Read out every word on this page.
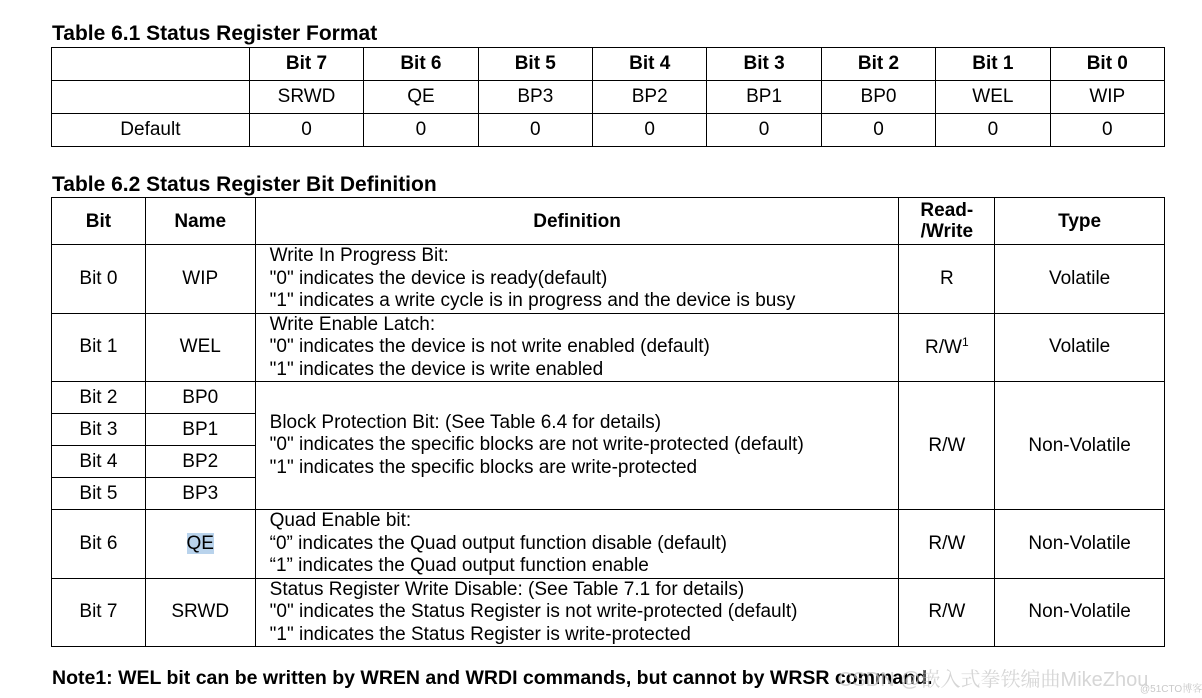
Table 6.1 Status Register Format
	Bit 7	Bit 6	Bit 5	Bit 4	Bit 3	Bit 2	Bit 1	Bit 0
	SRWD	QE	BP3	BP2	BP1	BP0	WEL	WIP
Default	0	0	0	0	0	0	0	0
Table 6.2 Status Register Bit Definition
Bit	Name	Definition	Read-
/Write	Type
Bit 0	WIP	Write In Progress Bit:
"0" indicates the device is ready(default)
"1" indicates a write cycle is in progress and the device is busy	R	Volatile
Bit 1	WEL	Write Enable Latch:
"0" indicates the device is not write enabled (default)
"1" indicates the device is write enabled	$R/W^1$	Volatile
Bit 2	BP0	Block Protection Bit: (See Table 6.4 for details)
"0" indicates the specific blocks are not write-protected (default)
"1" indicates the specific blocks are write-protected	R/W	Non-Volatile
Bit 3	BP1			
Bit 4	BP2			
Bit 5	BP3			
Bit 6	QE	Quad Enable bit:
“0” indicates the Quad output function disable (default)
“1” indicates the Quad output function enable	R/W	Non-Volatile
Bit 7	SRWD	Status Register Write Disable: (See Table 7.1 for details)
"0" indicates the Status Register is not write-protected (default)
"1" indicates the Status Register is write-protected	R/W	Non-Volatile
Note1: WEL bit can be written by WREN and WRDI commands, but cannot by WRSR command.
CSDN @嵌入式拳铁编曲MikeZhou
@51CTO博客
